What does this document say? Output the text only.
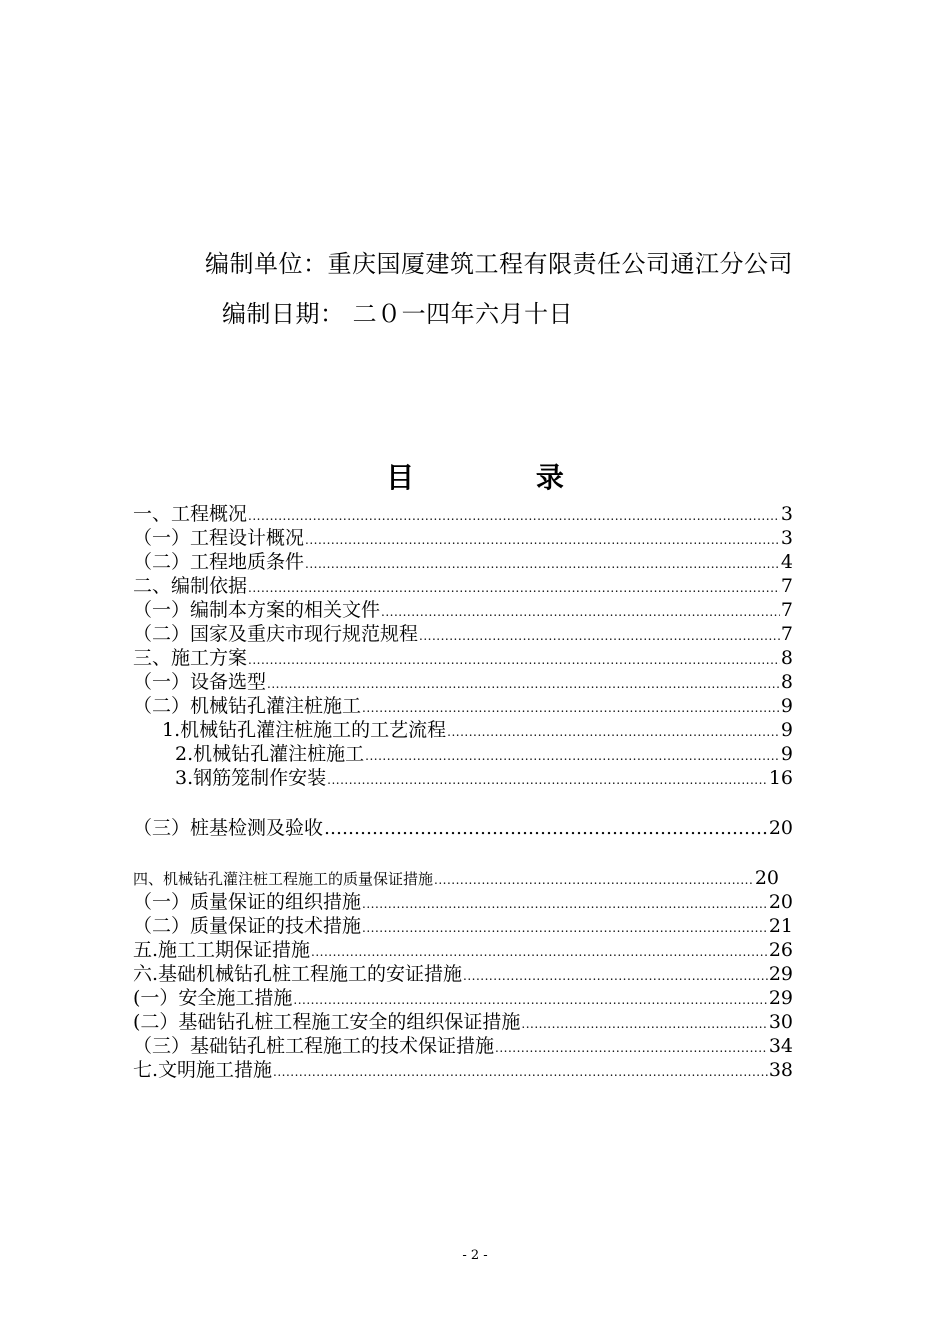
编制单位：重庆国厦建筑工程有限责任公司通江分公司
编制日期： 二０一四年六月十日
目 录
一、工程概况 .....	3
（一）工程设计概况 .....	3
（二）工程地质条件 .....	4
二、编制依据 .....	7
（一）编制本方案的相关文件 .....	7
（二）国家及重庆市现行规范规程 .....	7
三、施工方案 .....	8
（一）设备选型 .....	8
（二）机械钻孔灌注桩施工 .....	9
1.机械钻孔灌注桩施工的工艺流程 .....	9
2.机械钻孔灌注桩施工 .....	9
3.钢筋笼制作安装 .....	16
（三）桩基检测及验收 ……………………………………………………………………………………………………………………………………………………………………………………………………………………	20
四、机械钻孔灌注桩工程施工的质量保证措施 .....	20
（一）质量保证的组织措施 .....	20
（二）质量保证的技术措施 .....	21
五.施工工期保证措施 .....	26
六.基础机械钻孔桩工程施工的安证措施 .....	29
(一）安全施工措施 .....	29
(二）基础钻孔桩工程施工安全的组织保证措施 .....	30
（三）基础钻孔桩工程施工的技术保证措施 .....	34
七.文明施工措施 .....	38
- 2 -
